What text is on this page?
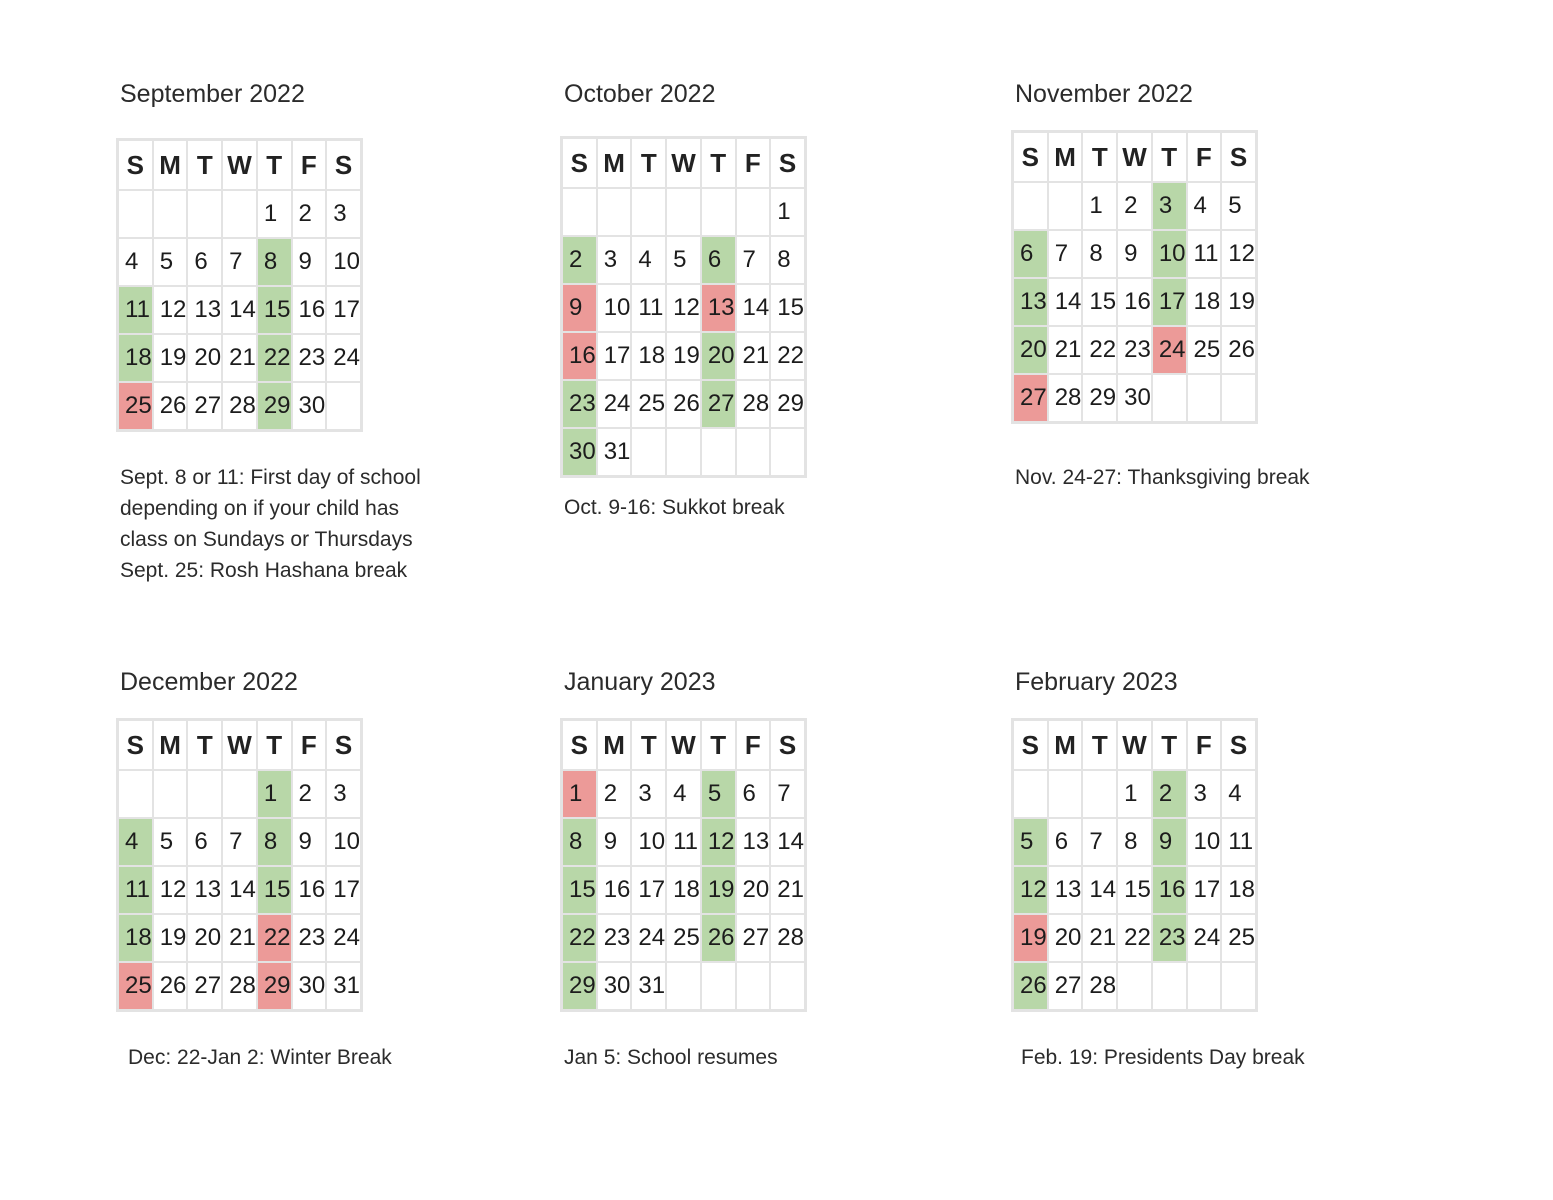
September 2022
S	M	T	W	T	F	S
				1	2	3
4	5	6	7	8	9	10
11	12	13	14	15	16	17
18	19	20	21	22	23	24
25	26	27	28	29	30	
Sept. 8 or 11: First day of school
depending on if your child has
class on Sundays or Thursdays
Sept. 25: Rosh Hashana break
October 2022
S	M	T	W	T	F	S
						1
2	3	4	5	6	7	8
9	10	11	12	13	14	15
16	17	18	19	20	21	22
23	24	25	26	27	28	29
30	31					
Oct. 9-16: Sukkot break
November 2022
S	M	T	W	T	F	S
		1	2	3	4	5
6	7	8	9	10	11	12
13	14	15	16	17	18	19
20	21	22	23	24	25	26
27	28	29	30			
Nov. 24-27: Thanksgiving break
December 2022
S	M	T	W	T	F	S
				1	2	3
4	5	6	7	8	9	10
11	12	13	14	15	16	17
18	19	20	21	22	23	24
25	26	27	28	29	30	31
Dec: 22-Jan 2: Winter Break
January 2023
S	M	T	W	T	F	S
1	2	3	4	5	6	7
8	9	10	11	12	13	14
15	16	17	18	19	20	21
22	23	24	25	26	27	28
29	30	31				
Jan 5: School resumes
February 2023
S	M	T	W	T	F	S
			1	2	3	4
5	6	7	8	9	10	11
12	13	14	15	16	17	18
19	20	21	22	23	24	25
26	27	28				
Feb. 19: Presidents Day break
